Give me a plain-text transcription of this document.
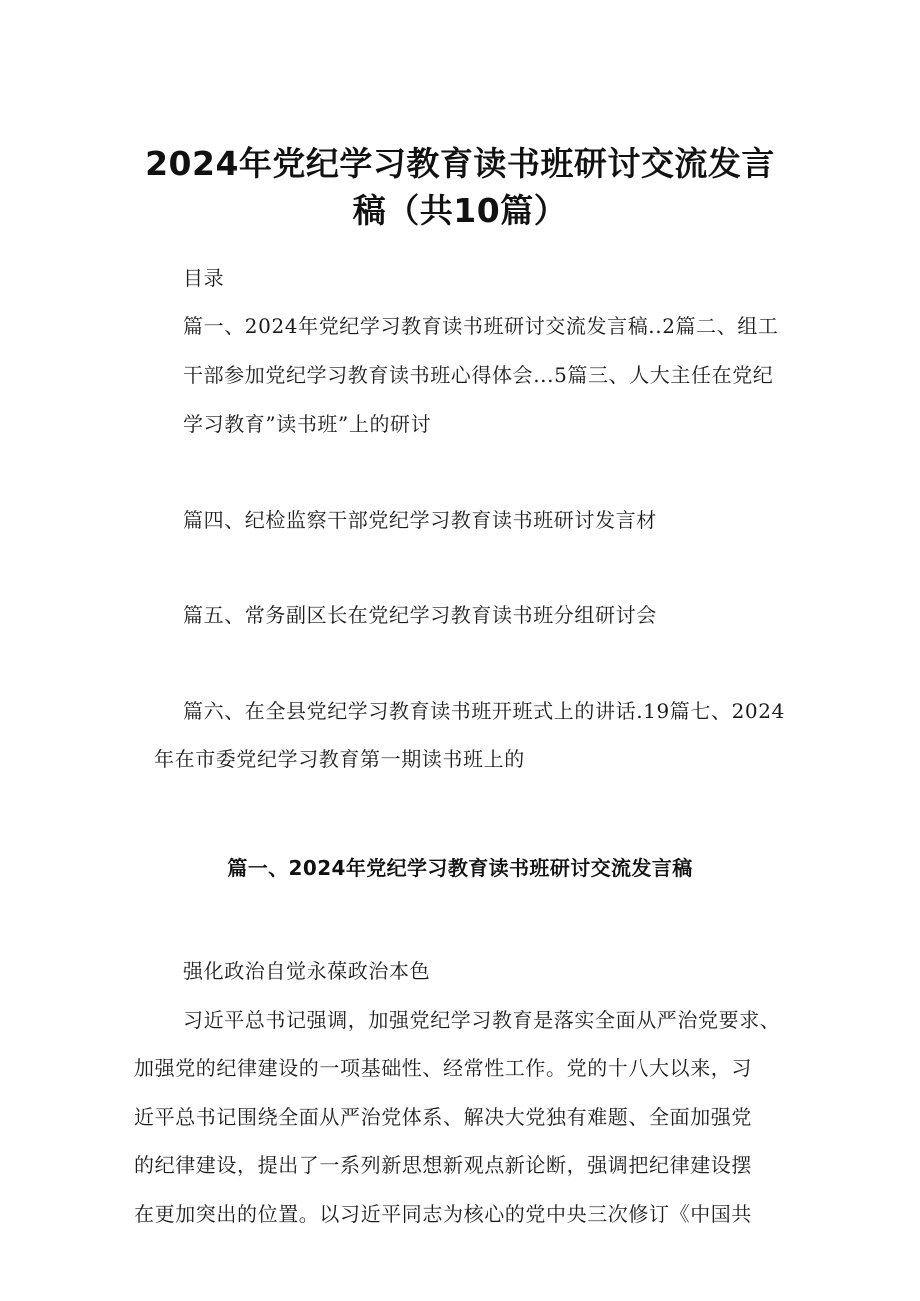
2024年党纪学习教育读书班研讨交流发言
稿（共10篇）
目录
篇一、2024年党纪学习教育读书班研讨交流发言稿..2篇二、组工
干部参加党纪学习教育读书班心得体会...5篇三、人大主任在党纪
学习教育”读书班”上的研讨
篇四、纪检监察干部党纪学习教育读书班研讨发言材
篇五、常务副区长在党纪学习教育读书班分组研讨会
篇六、在全县党纪学习教育读书班开班式上的讲话.19篇七、2024
年在市委党纪学习教育第一期读书班上的
篇一、2024年党纪学习教育读书班研讨交流发言稿
强化政治自觉永葆政治本色
习近平总书记强调，加强党纪学习教育是落实全面从严治党要求、
加强党的纪律建设的一项基础性、经常性工作。党的十八大以来，习
近平总书记围绕全面从严治党体系、解决大党独有难题、全面加强党
的纪律建设，提出了一系列新思想新观点新论断，强调把纪律建设摆
在更加突出的位置。以习近平同志为核心的党中央三次修订《中国共
